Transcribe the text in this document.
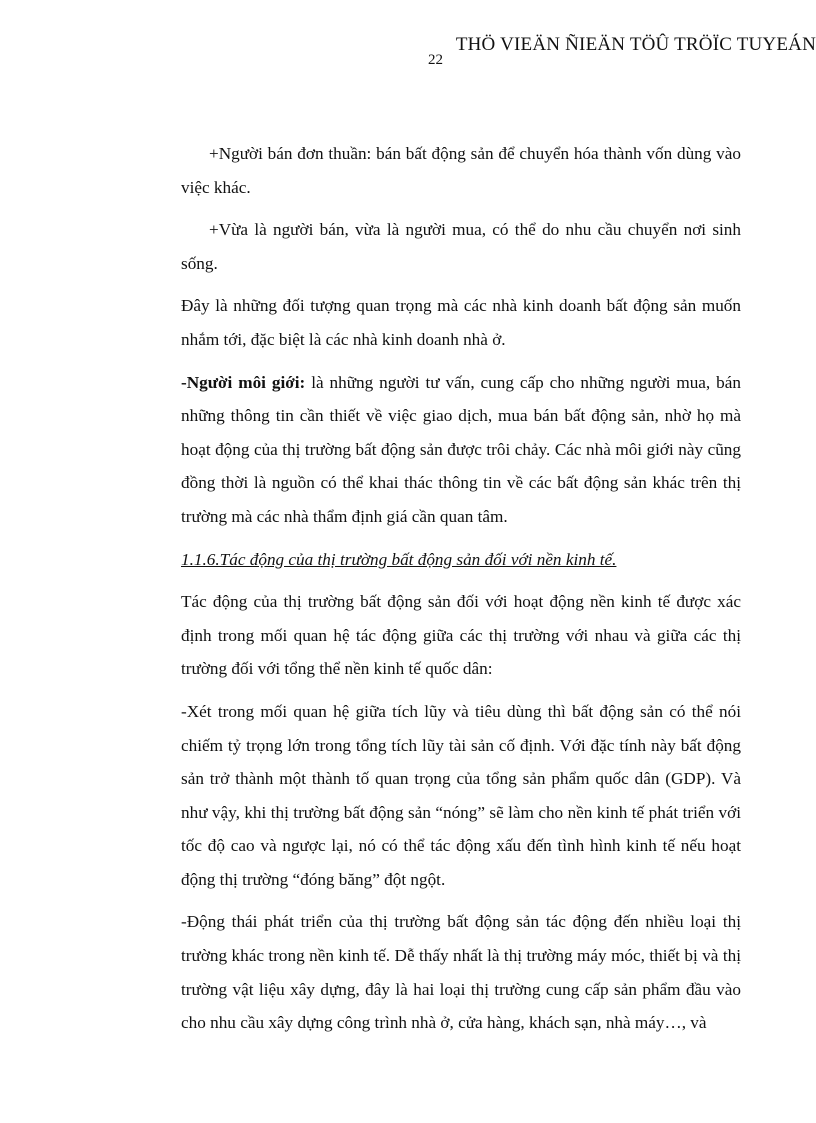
THÖ VIEÄN ÑIEÄN TÖÛ TRÖÏC TUYEÁN
22

+Người bán đơn thuần: bán bất động sản để chuyển hóa thành vốn dùng vào việc khác.

+Vừa là người bán, vừa là người mua, có thể do nhu cầu chuyển nơi sinh sống.

Đây là những đối tượng quan trọng mà các nhà kinh doanh bất động sản muốn nhắm tới, đặc biệt là các nhà kinh doanh nhà ở.

-Người môi giới: là những người tư vấn, cung cấp cho những người mua, bán những thông tin cần thiết về việc giao dịch, mua bán bất động sản, nhờ họ mà hoạt động của thị trường bất động sản được trôi chảy. Các nhà môi giới này cũng đồng thời là nguồn có thể khai thác thông tin về các bất động sản khác trên thị trường mà các nhà thẩm định giá cần quan tâm.

1.1.6.Tác động của thị trường bất động sản đối với nền kinh tế.

Tác động của thị trường bất động sản đối với hoạt động nền kinh tế được xác định trong mối quan hệ tác động giữa các thị trường với nhau và giữa các thị trường đối với tổng thể nền kinh tế quốc dân:

-Xét trong mối quan hệ giữa tích lũy và tiêu dùng thì bất động sản có thể nói chiếm tỷ trọng lớn trong tổng tích lũy tài sản cố định. Với đặc tính này bất động sản trở thành một thành tố quan trọng của tổng sản phẩm quốc dân (GDP). Và như vậy, khi thị trường bất động sản “nóng” sẽ làm cho nền kinh tế phát triển với tốc độ cao và ngược lại, nó có thể tác động xấu đến tình hình kinh tế nếu hoạt động thị trường “đóng băng” đột ngột.

-Động thái phát triển của thị trường bất động sản tác động đến nhiều loại thị trường khác trong nền kinh tế. Dễ thấy nhất là thị trường máy móc, thiết bị và thị trường vật liệu xây dựng, đây là hai loại thị trường cung cấp sản phẩm đầu vào cho nhu cầu xây dựng công trình nhà ở, cửa hàng, khách sạn, nhà máy…, và
